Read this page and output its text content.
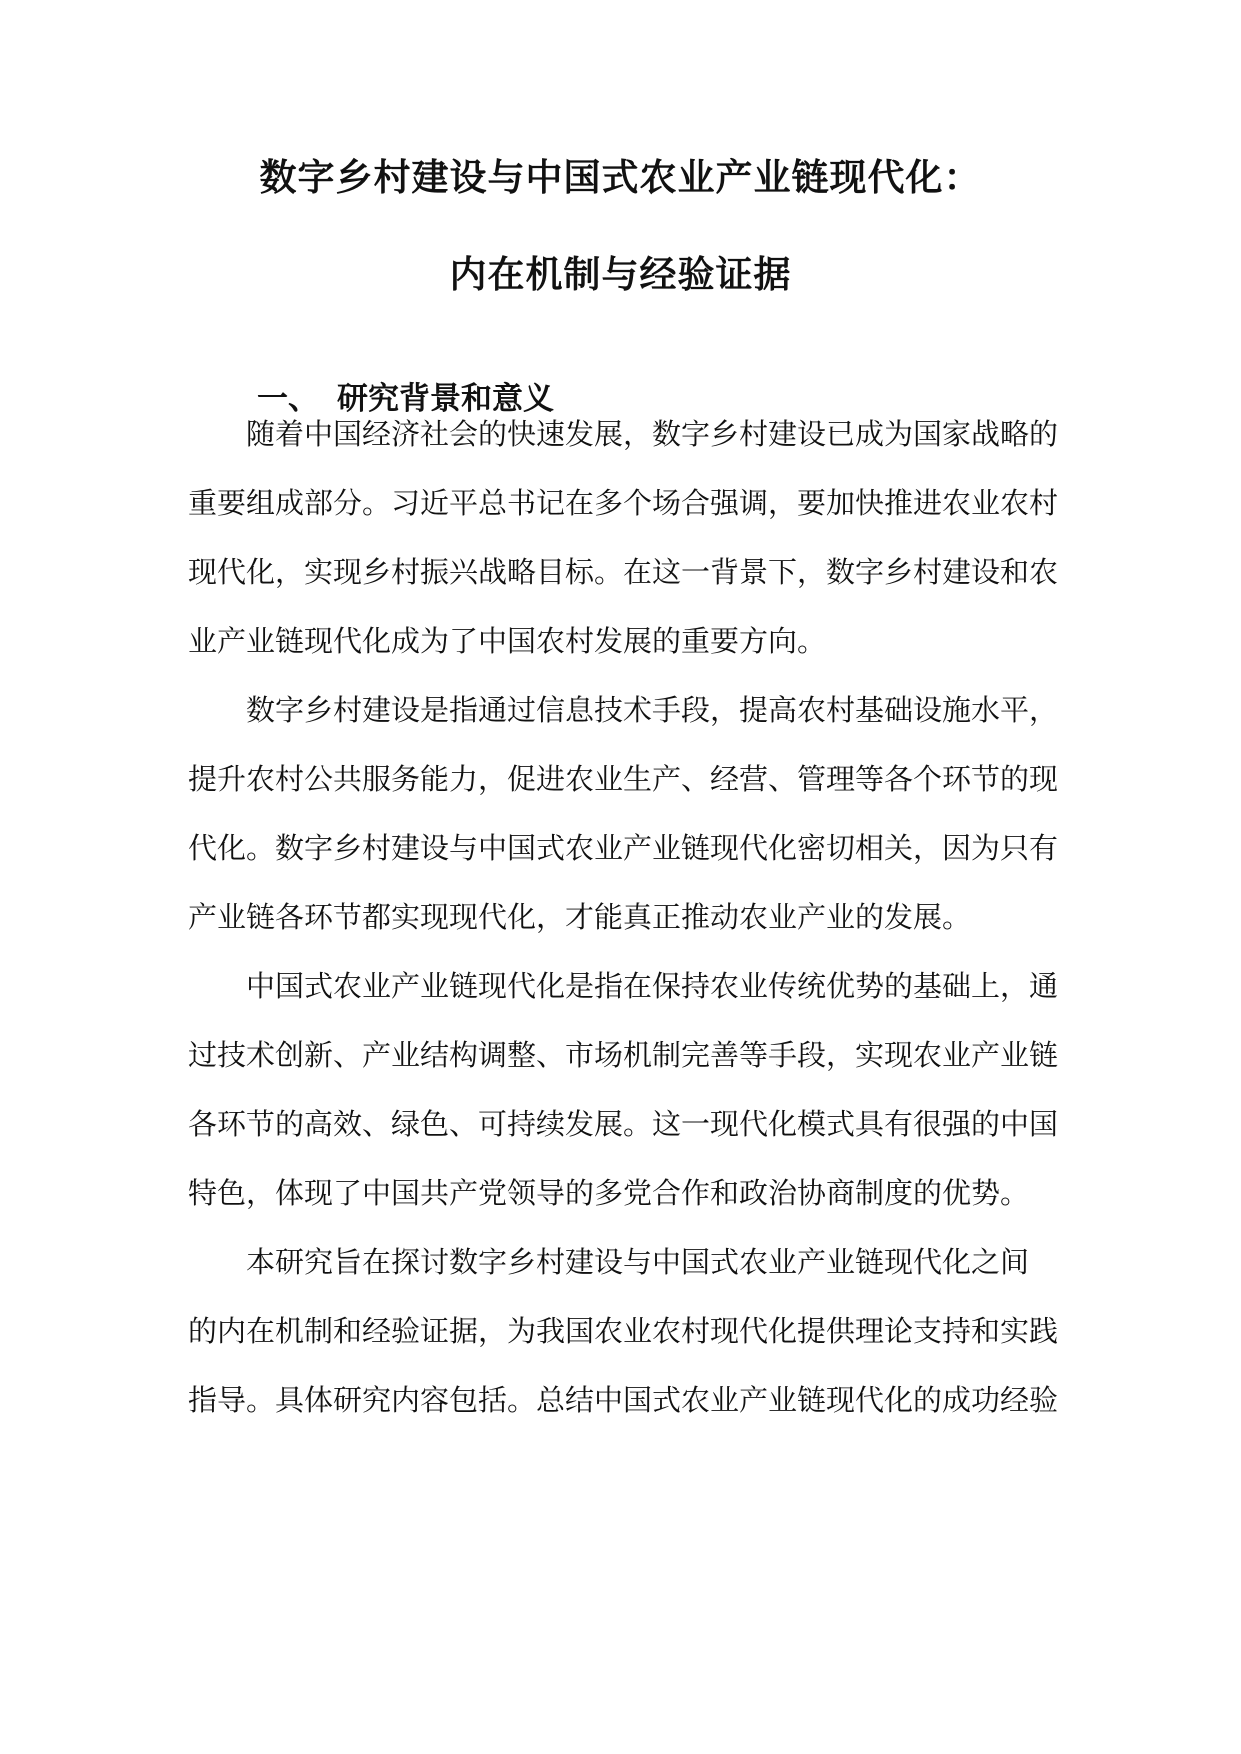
数字乡村建设与中国式农业产业链现代化：
内在机制与经验证据
一、 研究背景和意义

随着中国经济社会的快速发展，数字乡村建设已成为国家战略的

重要组成部分。习近平总书记在多个场合强调，要加快推进农业农村

现代化，实现乡村振兴战略目标。在这一背景下，数字乡村建设和农

业产业链现代化成为了中国农村发展的重要方向。

数字乡村建设是指通过信息技术手段，提高农村基础设施水平，

提升农村公共服务能力，促进农业生产、经营、管理等各个环节的现

代化。数字乡村建设与中国式农业产业链现代化密切相关，因为只有

产业链各环节都实现现代化，才能真正推动农业产业的发展。

中国式农业产业链现代化是指在保持农业传统优势的基础上，通

过技术创新、产业结构调整、市场机制完善等手段，实现农业产业链

各环节的高效、绿色、可持续发展。这一现代化模式具有很强的中国

特色，体现了中国共产党领导的多党合作和政治协商制度的优势。

本研究旨在探讨数字乡村建设与中国式农业产业链现代化之间

的内在机制和经验证据，为我国农业农村现代化提供理论支持和实践

指导。具体研究内容包括。总结中国式农业产业链现代化的成功经验
